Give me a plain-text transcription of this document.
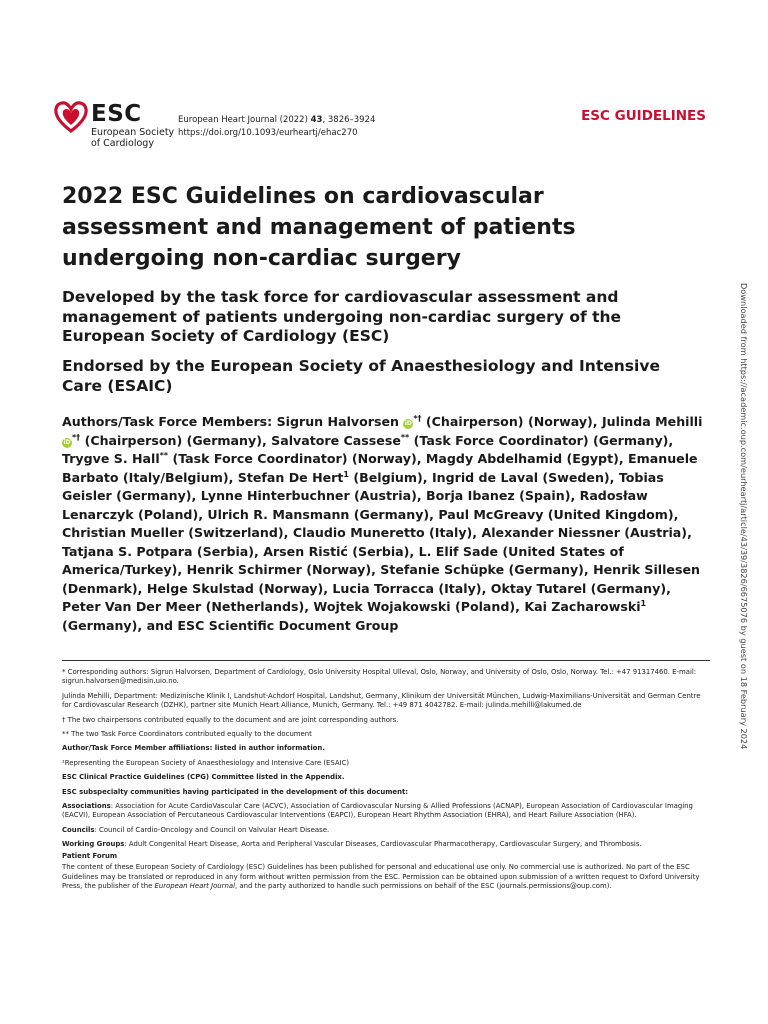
ESC
European Society
of Cardiology
European Heart Journal (2022) 43, 3826–3924
https://doi.org/10.1093/eurheartj/ehac270
ESC GUIDELINES
2022 ESC Guidelines on cardiovascular assessment and management of patients undergoing non-cardiac surgery
Developed by the task force for cardiovascular assessment and management of patients undergoing non-cardiac surgery of the European Society of Cardiology (ESC)
Endorsed by the European Society of Anaesthesiology and Intensive Care (ESAIC)
Authors/Task Force Members: Sigrun Halvorsen iD*† (Chairperson) (Norway), Julinda Mehilli iD*† (Chairperson) (Germany), Salvatore Cassese** (Task Force Coordinator) (Germany), Trygve S. Hall** (Task Force Coordinator) (Norway), Magdy Abdelhamid (Egypt), Emanuele Barbato (Italy/Belgium), Stefan De Hert$^1$ (Belgium), Ingrid de Laval (Sweden), Tobias Geisler (Germany), Lynne Hinterbuchner (Austria), Borja Ibanez (Spain), Radosław Lenarczyk (Poland), Ulrich R. Mansmann (Germany), Paul McGreavy (United Kingdom), Christian Mueller (Switzerland), Claudio Muneretto (Italy), Alexander Niessner (Austria), Tatjana S. Potpara (Serbia), Arsen Ristić (Serbia), L. Elif Sade (United States of America/Turkey), Henrik Schirmer (Norway), Stefanie Schüpke (Germany), Henrik Sillesen (Denmark), Helge Skulstad (Norway), Lucia Torracca (Italy), Oktay Tutarel (Germany), Peter Van Der Meer (Netherlands), Wojtek Wojakowski (Poland), Kai Zacharowski$^1$ (Germany), and ESC Scientific Document Group

* Corresponding authors: Sigrun Halvorsen, Department of Cardiology, Oslo University Hospital Ulleval, Oslo, Norway, and University of Oslo, Oslo, Norway. Tel.: +47 91317460. E-mail: sigrun.halvorsen@medisin.uio.no.

Julinda Mehilli, Department: Medizinische Klinik I, Landshut-Achdorf Hospital, Landshut, Germany, Klinikum der Universität München, Ludwig-Maximilians-Universität and German Centre for Cardiovascular Research (DZHK), partner site Munich Heart Alliance, Munich, Germany. Tel.: +49 871 4042782. E-mail: julinda.mehilli@lakumed.de

† The two chairpersons contributed equally to the document and are joint corresponding authors.

** The two Task Force Coordinators contributed equally to the document

Author/Task Force Member affiliations: listed in author information.

¹Representing the European Society of Anaesthesiology and Intensive Care (ESAIC)

ESC Clinical Practice Guidelines (CPG) Committee listed in the Appendix.

ESC subspecialty communities having participated in the development of this document:

Associations: Association for Acute CardioVascular Care (ACVC), Association of Cardiovascular Nursing & Allied Professions (ACNAP), European Association of Cardiovascular Imaging (EACVI), European Association of Percutaneous Cardiovascular Interventions (EAPCI), European Heart Rhythm Association (EHRA), and Heart Failure Association (HFA).

Councils: Council of Cardio-Oncology and Council on Valvular Heart Disease.

Working Groups: Adult Congenital Heart Disease, Aorta and Peripheral Vascular Diseases, Cardiovascular Pharmacotherapy, Cardiovascular Surgery, and Thrombosis.

Patient Forum

The content of these European Society of Cardiology (ESC) Guidelines has been published for personal and educational use only. No commercial use is authorized. No part of the ESC Guidelines may be translated or reproduced in any form without written permission from the ESC. Permission can be obtained upon submission of a written request to Oxford University Press, the publisher of the European Heart Journal, and the party authorized to handle such permissions on behalf of the ESC (journals.permissions@oup.com).

Downloaded from https://academic.oup.com/eurheartj/article/43/39/3826/6675076 by guest on 18 February 2024
